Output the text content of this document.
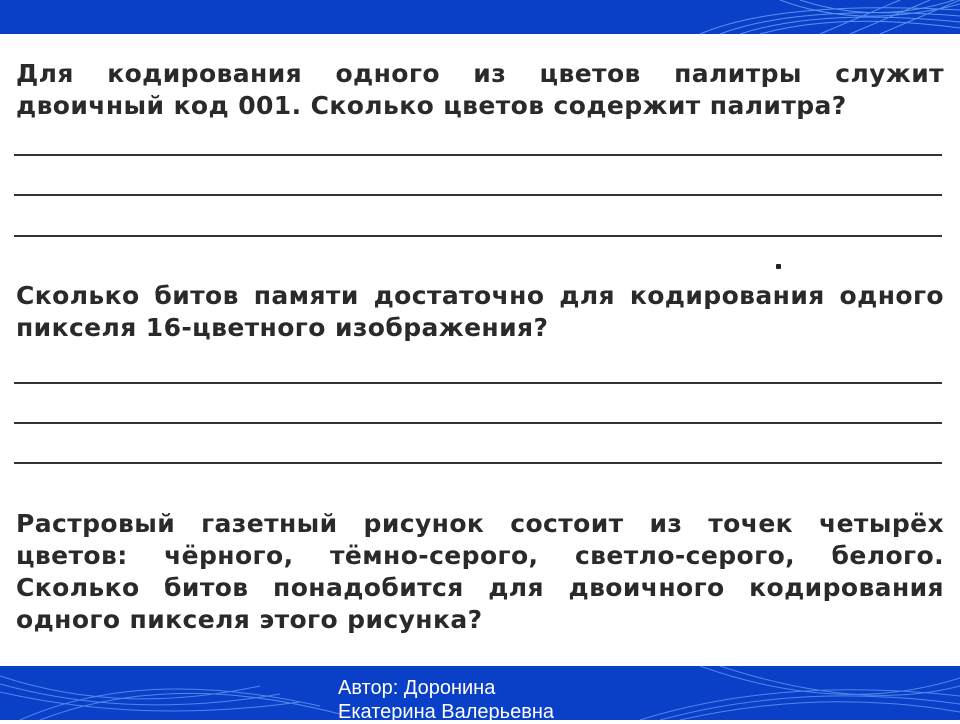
Для кодирования одного из цветов палитры служит двоичный код 001. Сколько цветов содержит палитра?
Сколько битов памяти достаточно для кодирования одного пикселя 16-цветного изображения?
Растровый газетный рисунок состоит из точек четырёх цветов: чёрного, тёмно-серого, светло-серого, белого. Сколько битов понадобится для двоичного кодирования одного пикселя этого рисунка?
Автор: Доронина
Екатерина Валерьевна
